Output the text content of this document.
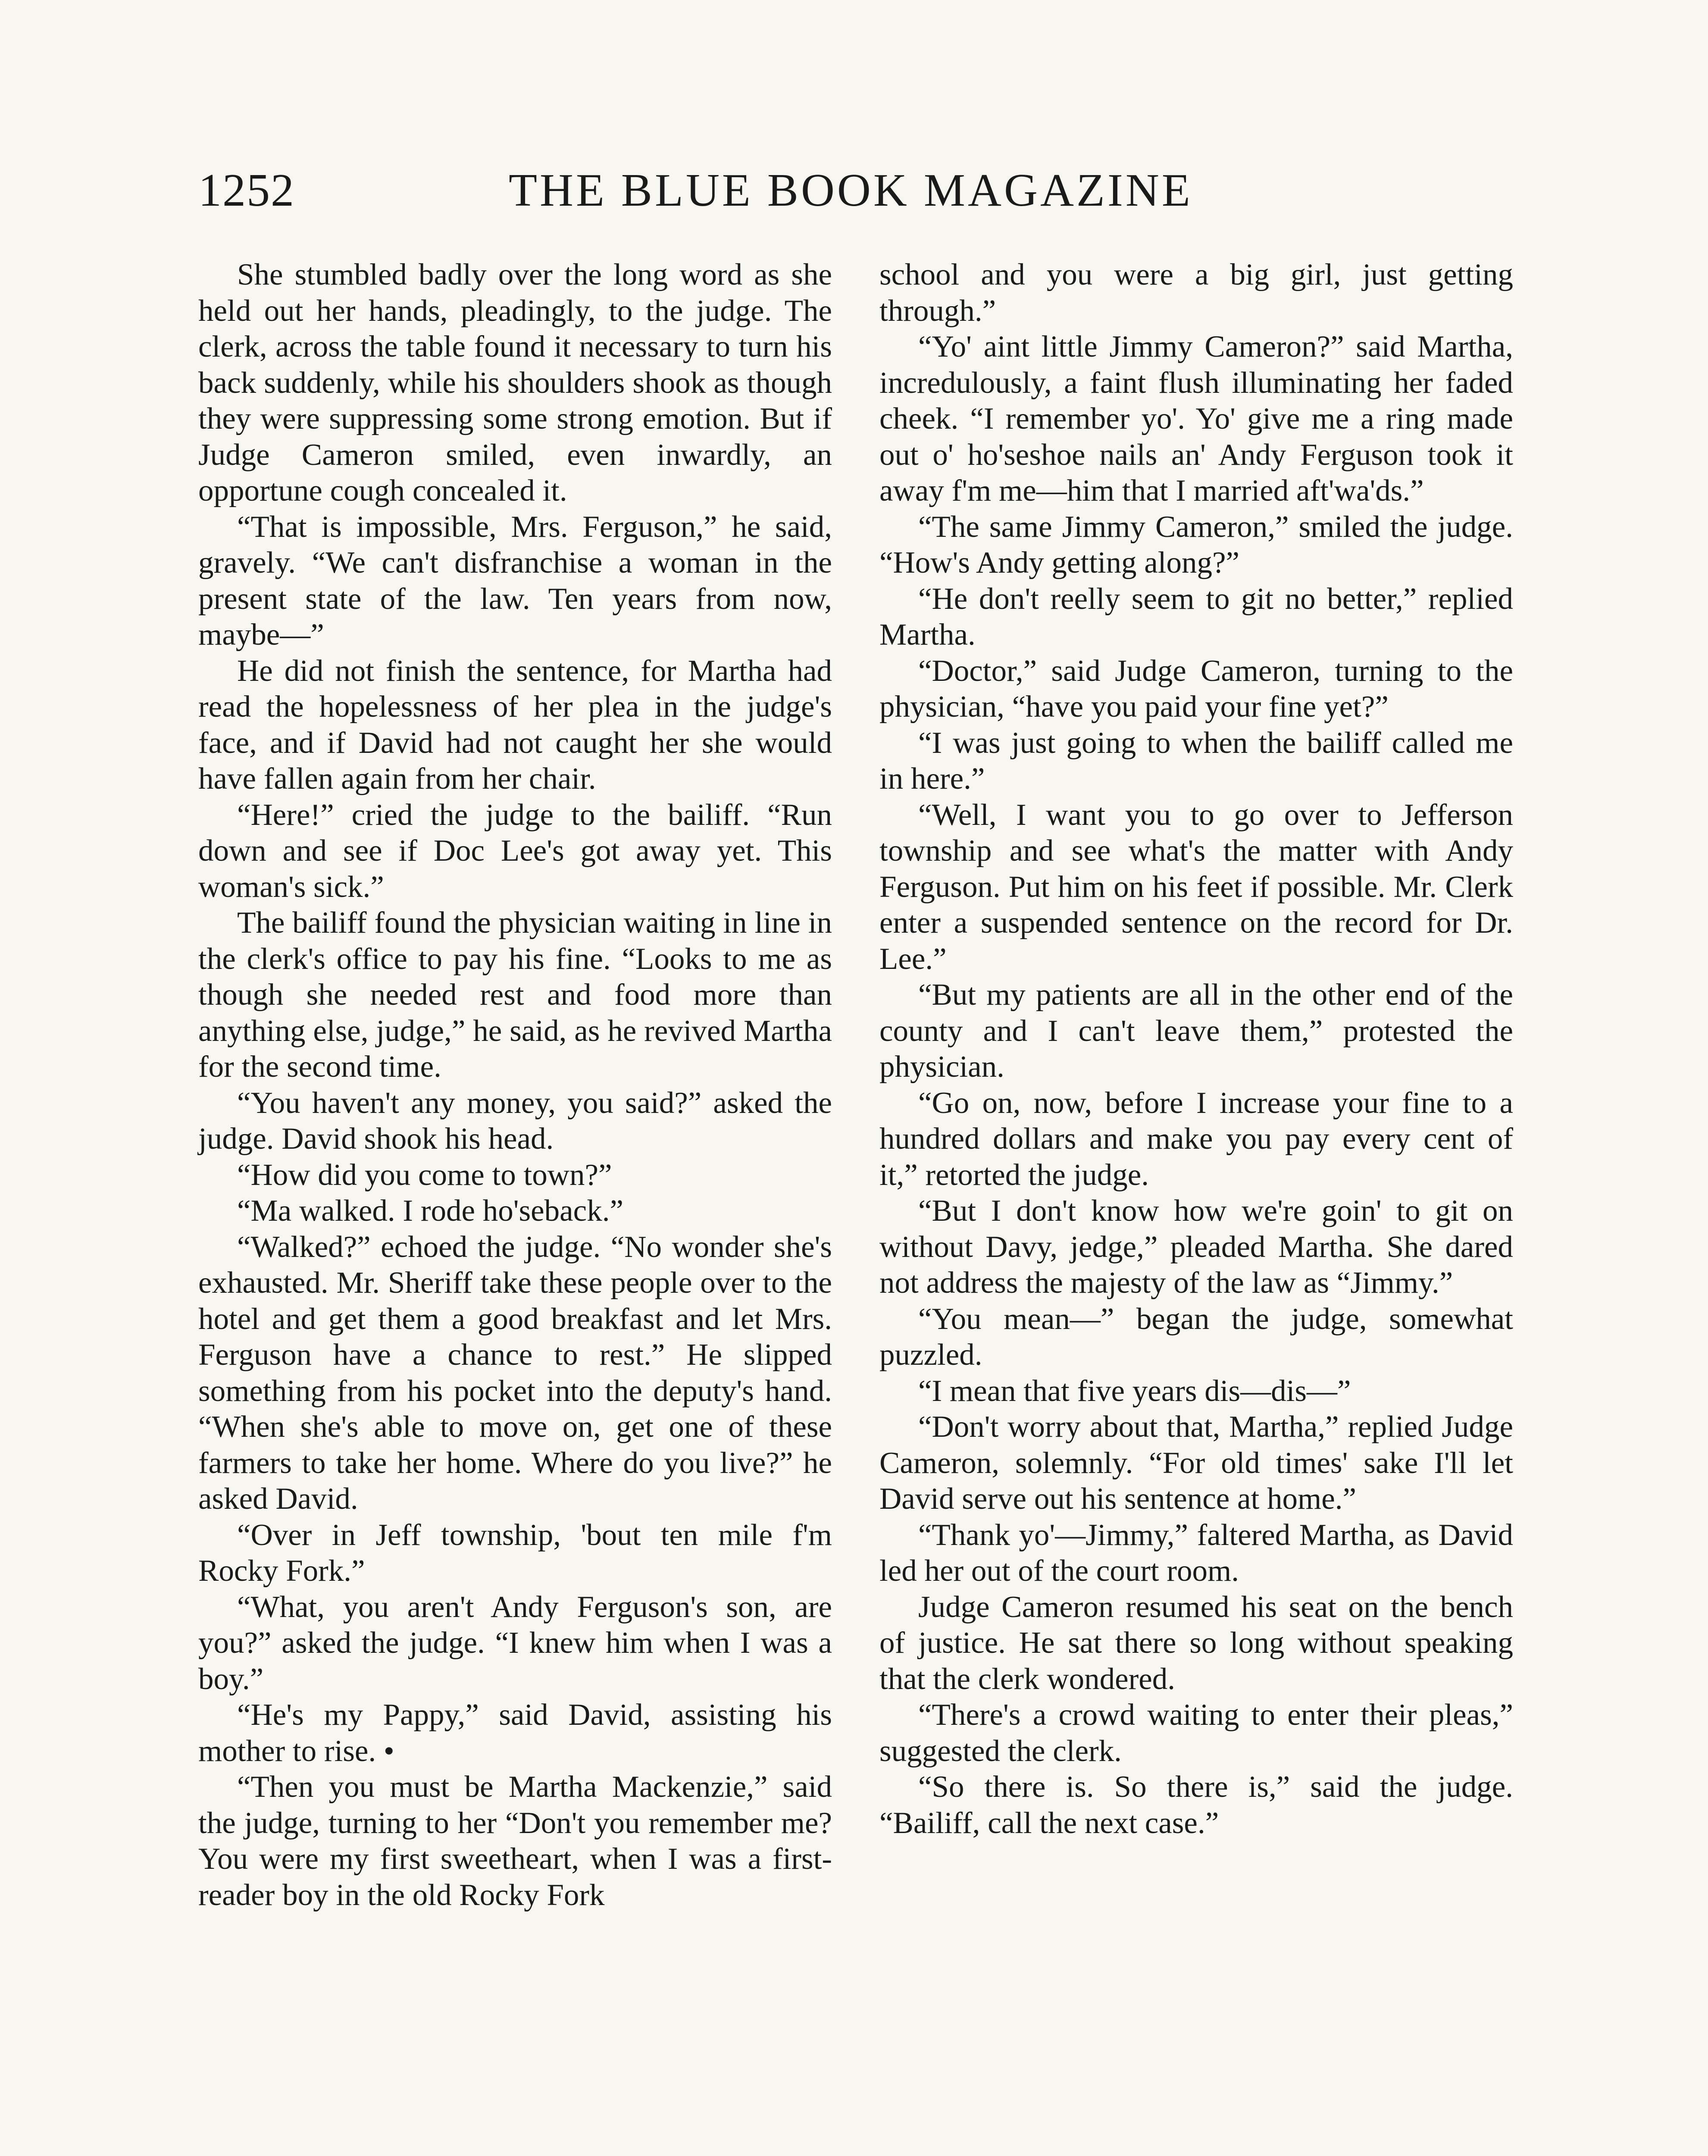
1252	THE BLUE BOOK MAGAZINE

She stumbled badly over the long word as she held out her hands, pleadingly, to the judge. The clerk, across the table found it necessary to turn his back suddenly, while his shoulders shook as though they were suppressing some strong emotion. But if Judge Cameron smiled, even inwardly, an opportune cough concealed it.

“That is impossible, Mrs. Ferguson,” he said, gravely. “We can't disfranchise a woman in the present state of the law. Ten years from now, maybe—”

He did not finish the sentence, for Martha had read the hopelessness of her plea in the judge's face, and if David had not caught her she would have fallen again from her chair.

“Here!” cried the judge to the bailiff. “Run down and see if Doc Lee's got away yet. This woman's sick.”

The bailiff found the physician waiting in line in the clerk's office to pay his fine. “Looks to me as though she needed rest and food more than anything else, judge,” he said, as he revived Martha for the second time.

“You haven't any money, you said?” asked the judge. David shook his head.

“How did you come to town?”

“Ma walked. I rode ho'seback.”

“Walked?” echoed the judge. “No wonder she's exhausted. Mr. Sheriff take these people over to the hotel and get them a good breakfast and let Mrs. Ferguson have a chance to rest.” He slipped something from his pocket into the deputy's hand. “When she's able to move on, get one of these farmers to take her home. Where do you live?” he asked David.

“Over in Jeff township, 'bout ten mile f'm Rocky Fork.”

“What, you aren't Andy Ferguson's son, are you?” asked the judge. “I knew him when I was a boy.”

“He's my Pappy,” said David, assisting his mother to rise. •

“Then you must be Martha Mackenzie,” said the judge, turning to her “Don't you remember me? You were my first sweetheart, when I was a first-reader boy in the old Rocky Fork

school and you were a big girl, just getting through.”

“Yo' aint little Jimmy Cameron?” said Martha, incredulously, a faint flush illuminating her faded cheek. “I remember yo'. Yo' give me a ring made out o' ho'seshoe nails an' Andy Ferguson took it away f'm me—him that I married aft'wa'ds.”

“The same Jimmy Cameron,” smiled the judge. “How's Andy getting along?”

“He don't reelly seem to git no better,” replied Martha.

“Doctor,” said Judge Cameron, turning to the physician, “have you paid your fine yet?”

“I was just going to when the bailiff called me in here.”

“Well, I want you to go over to Jefferson township and see what's the matter with Andy Ferguson. Put him on his feet if possible. Mr. Clerk enter a suspended sentence on the record for Dr. Lee.”

“But my patients are all in the other end of the county and I can't leave them,” protested the physician.

“Go on, now, before I increase your fine to a hundred dollars and make you pay every cent of it,” retorted the judge.

“But I don't know how we're goin' to git on without Davy, jedge,” pleaded Martha. She dared not address the majesty of the law as “Jimmy.”

“You mean—” began the judge, somewhat puzzled.

“I mean that five years dis—dis—”

“Don't worry about that, Martha,” replied Judge Cameron, solemnly. “For old times' sake I'll let David serve out his sentence at home.”

“Thank yo'—Jimmy,” faltered Martha, as David led her out of the court room.

Judge Cameron resumed his seat on the bench of justice. He sat there so long without speaking that the clerk wondered.

“There's a crowd waiting to enter their pleas,” suggested the clerk.

“So there is. So there is,” said the judge. “Bailiff, call the next case.”
